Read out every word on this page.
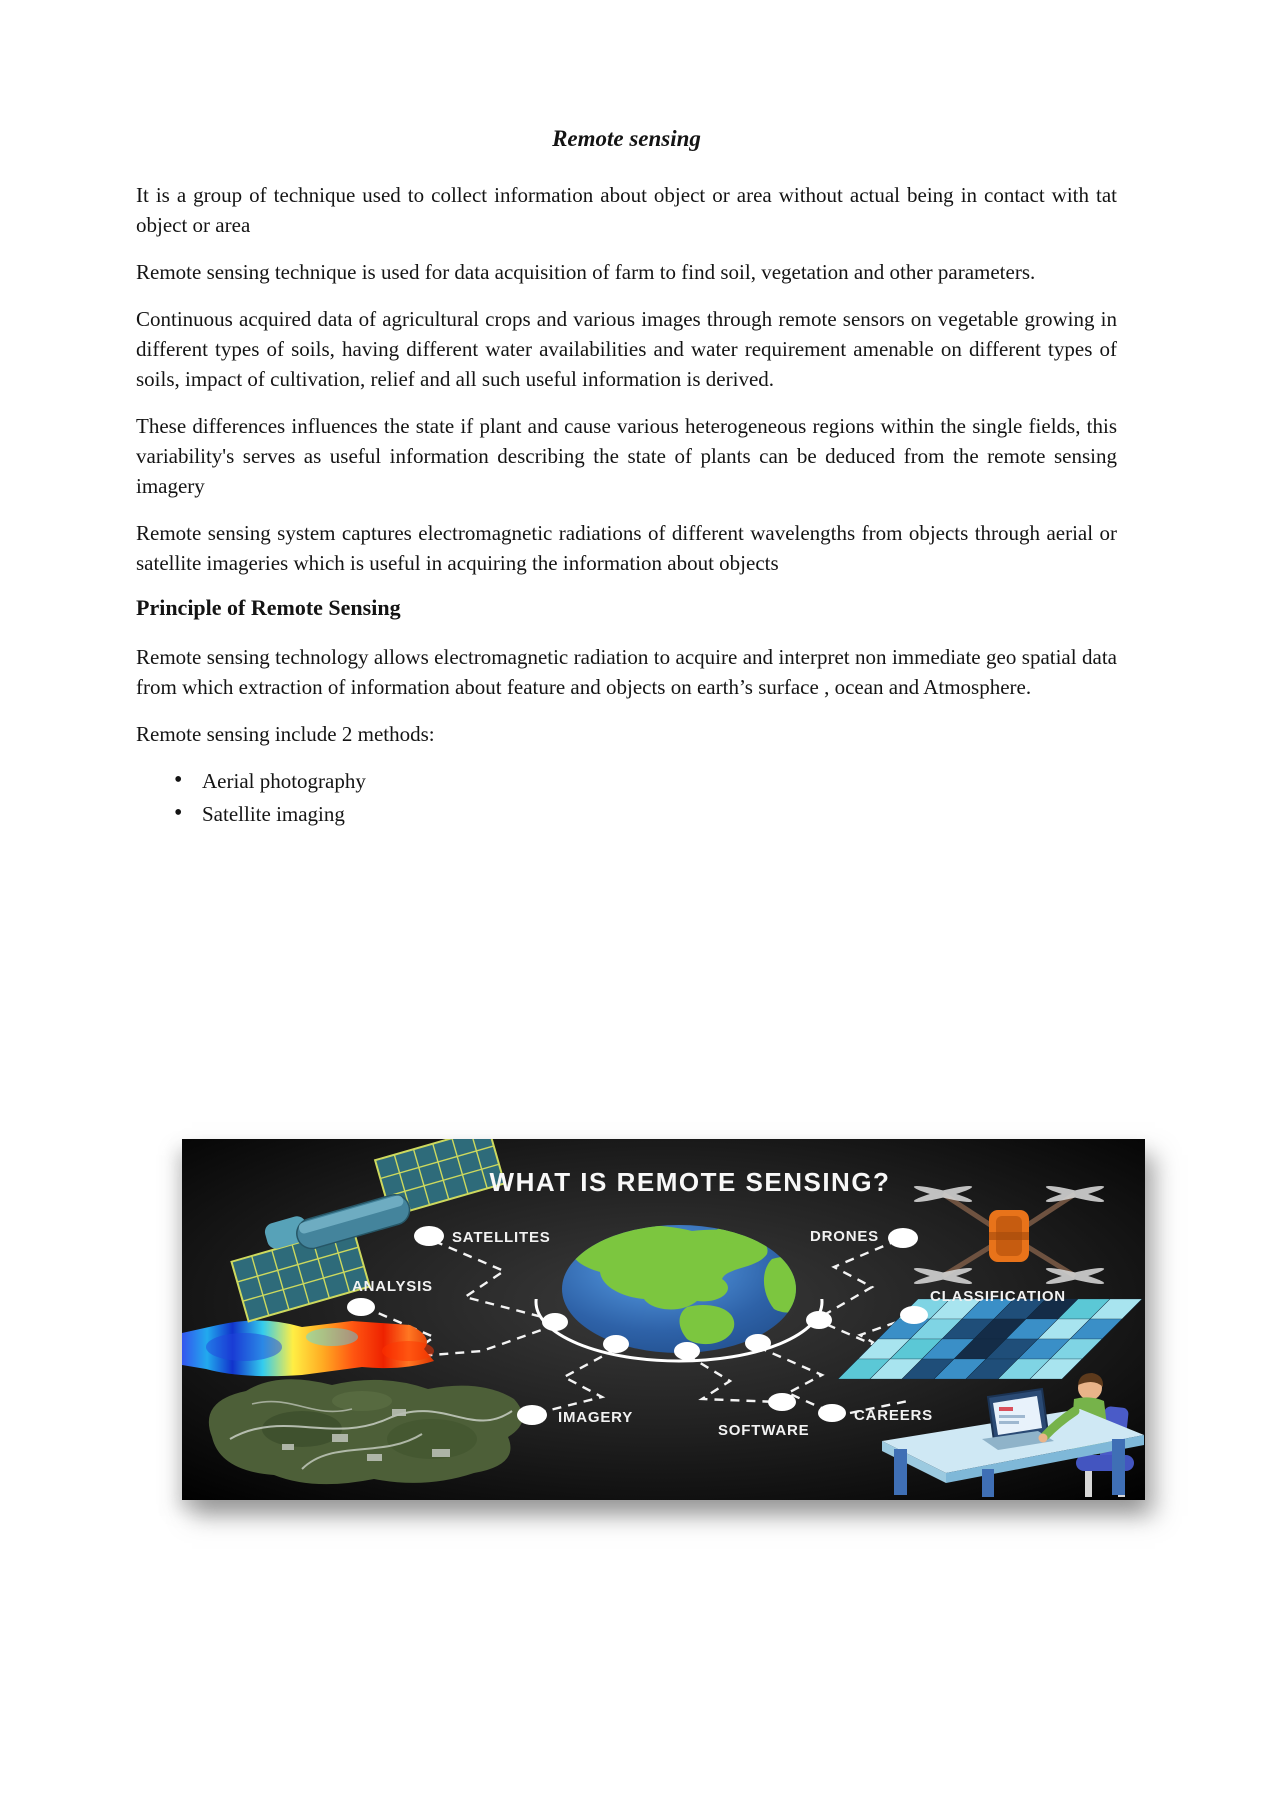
Remote sensing

It is a group of technique used to collect information about object or area without actual being in contact with tat object or area

Remote sensing technique is used for data acquisition of farm to find soil, vegetation and other parameters.

Continuous acquired data of agricultural crops and various images through remote sensors on vegetable growing in different types of soils, having different water availabilities and water requirement amenable on different types of soils, impact of cultivation, relief and all such useful information is derived.

These differences influences the state if plant and cause various heterogeneous regions within the single fields, this variability's serves as useful information describing the state of plants can be deduced from the remote sensing imagery

Remote sensing system captures electromagnetic radiations of different wavelengths from objects through aerial or satellite imageries which is useful in acquiring the information about objects

Principle of Remote Sensing

Remote sensing technology allows electromagnetic radiation to acquire and interpret non immediate geo spatial data from which extraction of information about feature and objects on earth’s surface , ocean and Atmosphere.

Remote sensing include 2 methods:

• Aerial photography
• Satellite imaging
SATELLITES	DRONES
ANALYSIS
CLASSIFICATION
IMAGERY
SOFTWARE
CAREERS
WHAT IS REMOTE SENSING?
